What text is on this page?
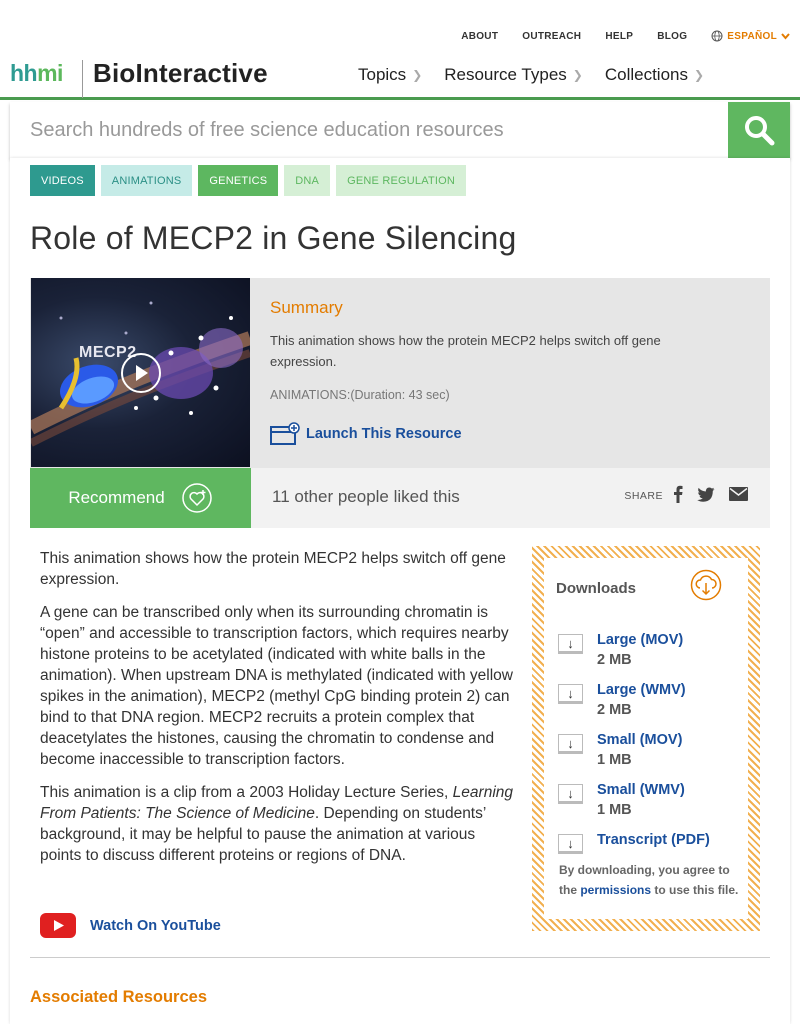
ABOUT OUTREACH HELP BLOG	ESPAÑOL
hhmi BioInteractive	Topics ❯ Resource Types ❯ Collections ❯
Search hundreds of free science education resources
VIDEOS	ANIMATIONS	GENETICS	DNA	GENE REGULATION
Role of MECP2 in Gene Silencing
MECP2
Summary
This animation shows how the protein MECP2 helps switch off gene expression.
ANIMATIONS:(Duration: 43 sec)
Launch This Resource
Recommend	11 other people liked this	SHARE

This animation shows how the protein MECP2 helps switch off gene expression.

A gene can be transcribed only when its surrounding chromatin is “open” and accessible to transcription factors, which requires nearby histone proteins to be acetylated (indicated with white balls in the animation). When upstream DNA is methylated (indicated with yellow spikes in the animation), MECP2 (methyl CpG binding protein 2) can bind to that DNA region. MECP2 recruits a protein complex that deacetylates the histones, causing the chromatin to condense and become inaccessible to transcription factors.

This animation is a clip from a 2003 Holiday Lecture Series, Learning From Patients: The Science of Medicine. Depending on students’ background, it may be helpful to pause the animation at various points to discuss different proteins or regions of DNA.

Watch On YouTube
Downloads
↓	Large (MOV)
2 MB
↓	Large (WMV)
2 MB
↓	Small (MOV)
1 MB
↓	Small (WMV)
1 MB
↓	Transcript (PDF)
By downloading, you agree to the permissions to use this file.
Associated Resources
